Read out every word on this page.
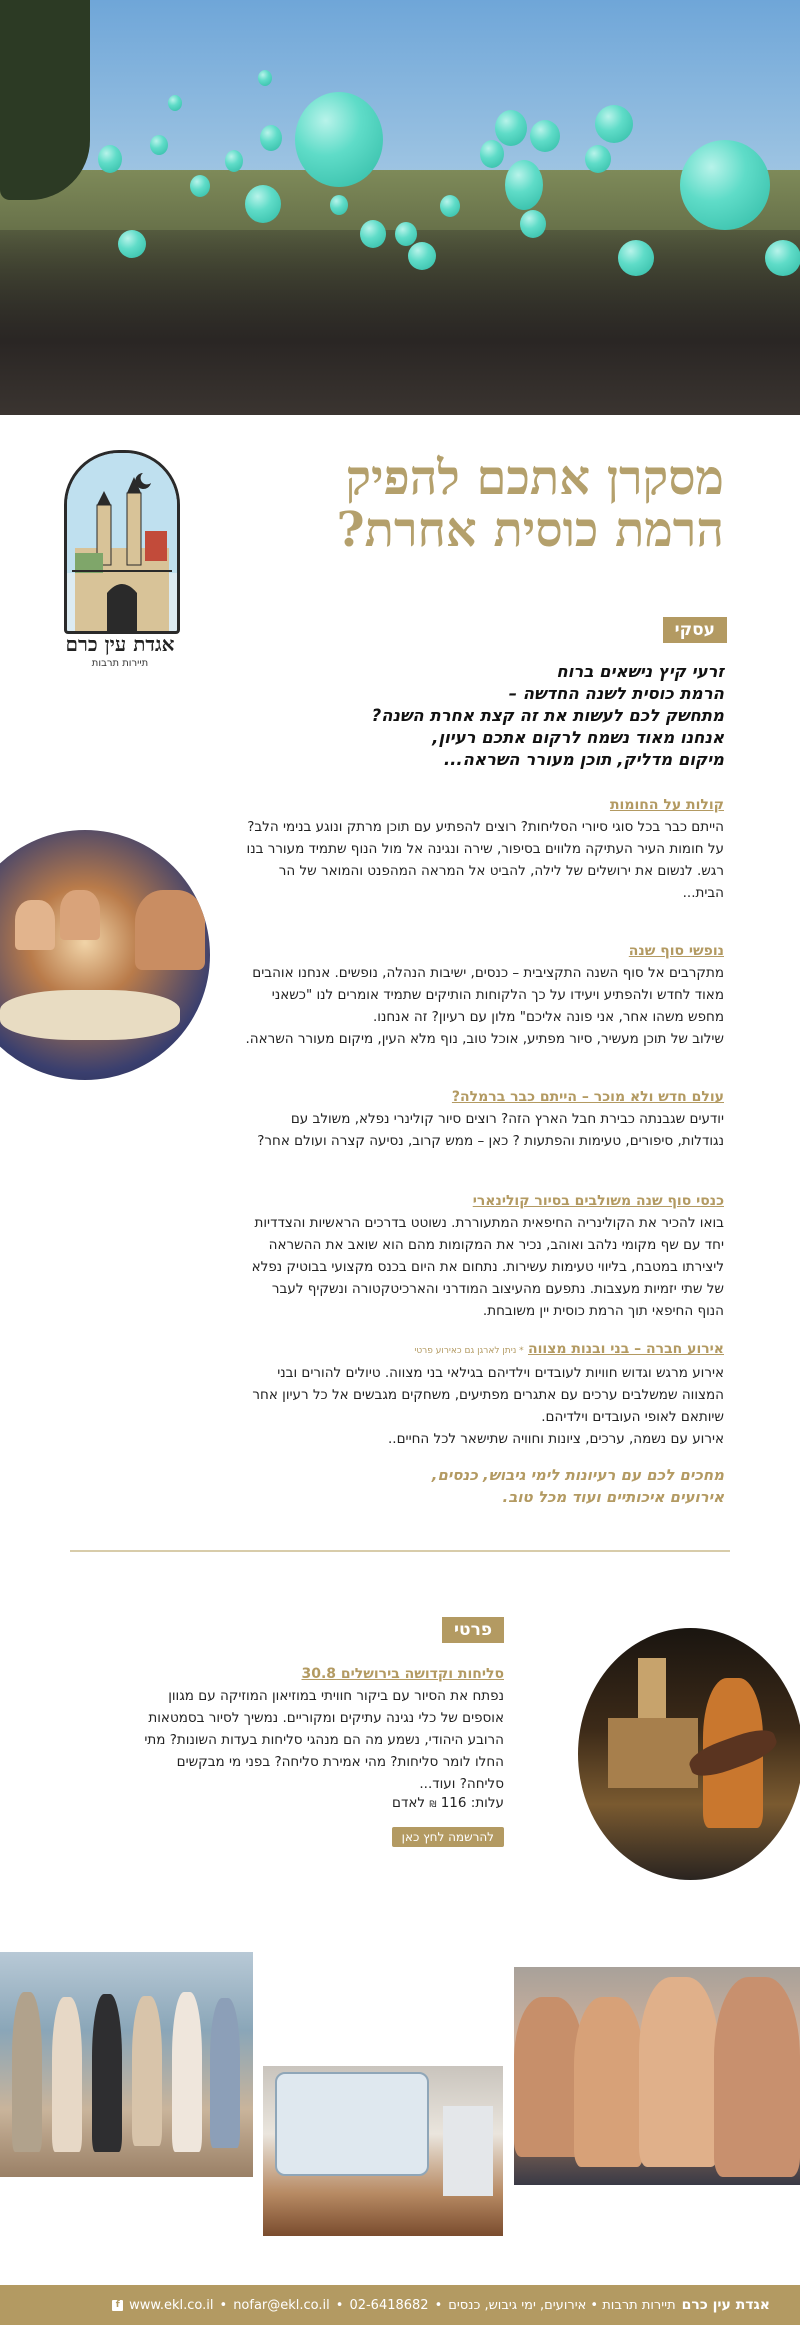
אגדת עין כרם
תיירות תרבות
מסקרן אתכם להפיק
הרמת כוסית אחרת?
עסקי
זרעי קיץ נישאים ברוח
הרמת כוסית לשנה החדשה –
מתחשק לכם לעשות את זה קצת אחרת השנה?
אנחנו מאוד נשמח לרקום אתכם רעיון,
מיקום מדליק, תוכן מעורר השראה...
קולות על החומות
הייתם כבר בכל סוגי סיורי הסליחות? רוצים להפתיע עם תוכן מרתק ונוגע בנימי הלב?
על חומות העיר העתיקה מלווים בסיפור, שירה ונגינה אל מול הנוף שתמיד מעורר בנו רגש. לנשום את ירושלים של לילה, להביט אל המראה המהפנט והמואר של הר הבית...
נופשי סוף שנה
מתקרבים אל סוף השנה התקציבית – כנסים, ישיבות הנהלה, נופשים. אנחנו אוהבים מאוד לחדש ולהפתיע ויעידו על כך הלקוחות הותיקים שתמיד אומרים לנו "כשאני מחפש משהו אחר, אני פונה אליכם" מלון עם רעיון? זה אנחנו.
שילוב של תוכן מעשיר, סיור מפתיע, אוכל טוב, נוף מלא העין, מיקום מעורר השראה.
עולם חדש ולא מוכר – הייתם כבר ברמלה?
יודעים שגבנתה כבירת חבל הארץ הזה? רוצים סיור קולינרי נפלא, משולב עם נגודלות, סיפורים, טעימות והפתעות ? כאן – ממש קרוב, נסיעה קצרה ועולם אחר?
כנסי סוף שנה משולבים בסיור קולינארי
בואו להכיר את הקולינריה החיפאית המתעוררת. נשוטט בדרכים הראשיות והצדדיות יחד עם שף מקומי נלהב ואוהב, נכיר את המקומות מהם הוא שואב את ההשראה ליצירתו במטבח, בליווי טעימות עשירות. נתחום את היום בכנס מקצועי בבוטיק נפלא של שתי יזמיות מעצבות. נתפעם מהעיצוב המודרני והארכיטקטורה ונשקיף לעבר הנוף החיפאי תוך הרמת כוסית יין משובחת.
אירוע חברה – בני ובנות מצווה * ניתן לארגן גם כאירוע פרטי
אירוע מרגש וגדוש חוויות לעובדים וילדיהם בגילאי בני מצווה. טיולים להורים ובני המצווה שמשלבים ערכים עם אתגרים מפתיעים, משחקים מגבשים אל כל רעיון אחר שיותאם לאופי העובדים וילדיהם.
אירוע עם נשמה, ערכים, ציונות וחוויה שתישאר לכל החיים..
מחכים לכם עם רעיונות לימי גיבוש, כנסים,
אירועים איכותיים ועוד מכל טוב.
פרטי
סליחות וקדושה בירושלים 30.8
נפתח את הסיור עם ביקור חוויתי במוזיאון המוזיקה עם מגוון אוספים של כלי נגינה עתיקים ומקוריים. נמשיך לסיור בסמטאות הרובע היהודי, נשמע מה הם מנהגי סליחות בעדות השונות? מתי החלו לומר סליחות? מהי אמירת סליחה? בפני מי מבקשים סליחה? ועוד...
עלות: 116 ₪ לאדם
להרשמה לחץ כאן
אגדת עין כרם
תיירות תרבות • אירועים, ימי גיבוש, כנסים
•
02-6418682
•
nofar@ekl.co.il
•
www.ekl.co.il
f
